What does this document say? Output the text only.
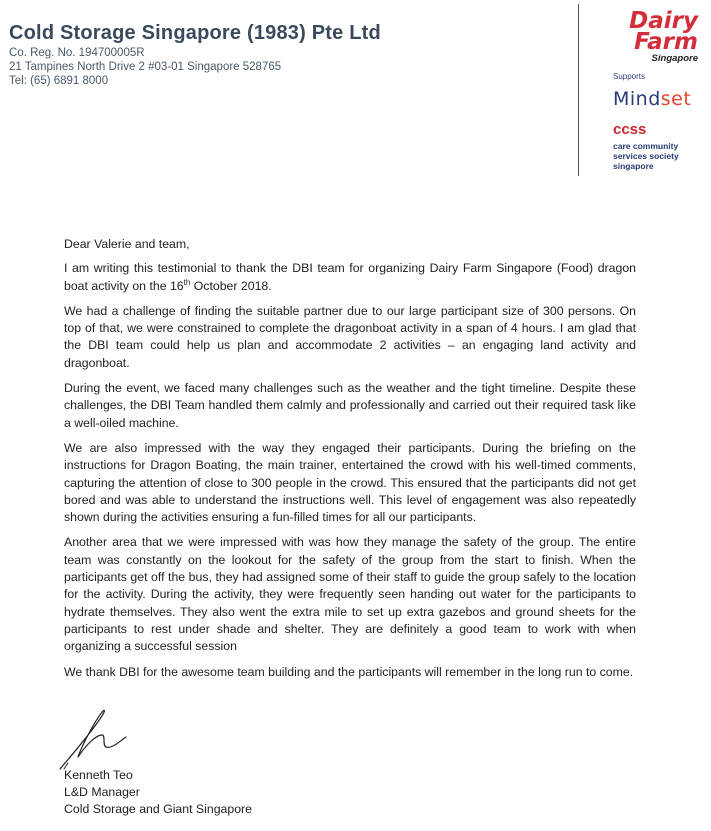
Cold Storage Singapore (1983) Pte Ltd
Co. Reg. No. 194700005R
21 Tampines North Drive 2 #03-01 Singapore 528765
Tel: (65) 6891 8000
Dairy
Farm
Singapore
Supports
Mindset
ccss
care community
services society
singapore

Dear Valerie and team,

I am writing this testimonial to thank the DBI team for organizing Dairy Farm Singapore (Food) dragon boat activity on the 16th October 2018.

We had a challenge of finding the suitable partner due to our large participant size of 300 persons. On top of that, we were constrained to complete the dragonboat activity in a span of 4 hours. I am glad that the DBI team could help us plan and accommodate 2 activities – an engaging land activity and dragonboat.

During the event, we faced many challenges such as the weather and the tight timeline. Despite these challenges, the DBI Team handled them calmly and professionally and carried out their required task like a well-oiled machine.

We are also impressed with the way they engaged their participants. During the briefing on the instructions for Dragon Boating, the main trainer, entertained the crowd with his well-timed comments, capturing the attention of close to 300 people in the crowd. This ensured that the participants did not get bored and was able to understand the instructions well. This level of engagement was also repeatedly shown during the activities ensuring a fun-filled times for all our participants.

Another area that we were impressed with was how they manage the safety of the group. The entire team was constantly on the lookout for the safety of the group from the start to finish. When the participants get off the bus, they had assigned some of their staff to guide the group safely to the location for the activity. During the activity, they were frequently seen handing out water for the participants to hydrate themselves. They also went the extra mile to set up extra gazebos and ground sheets for the participants to rest under shade and shelter. They are definitely a good team to work with when organizing a successful session

We thank DBI for the awesome team building and the participants will remember in the long run to come.

Kenneth Teo
L&D Manager
Cold Storage and Giant Singapore
